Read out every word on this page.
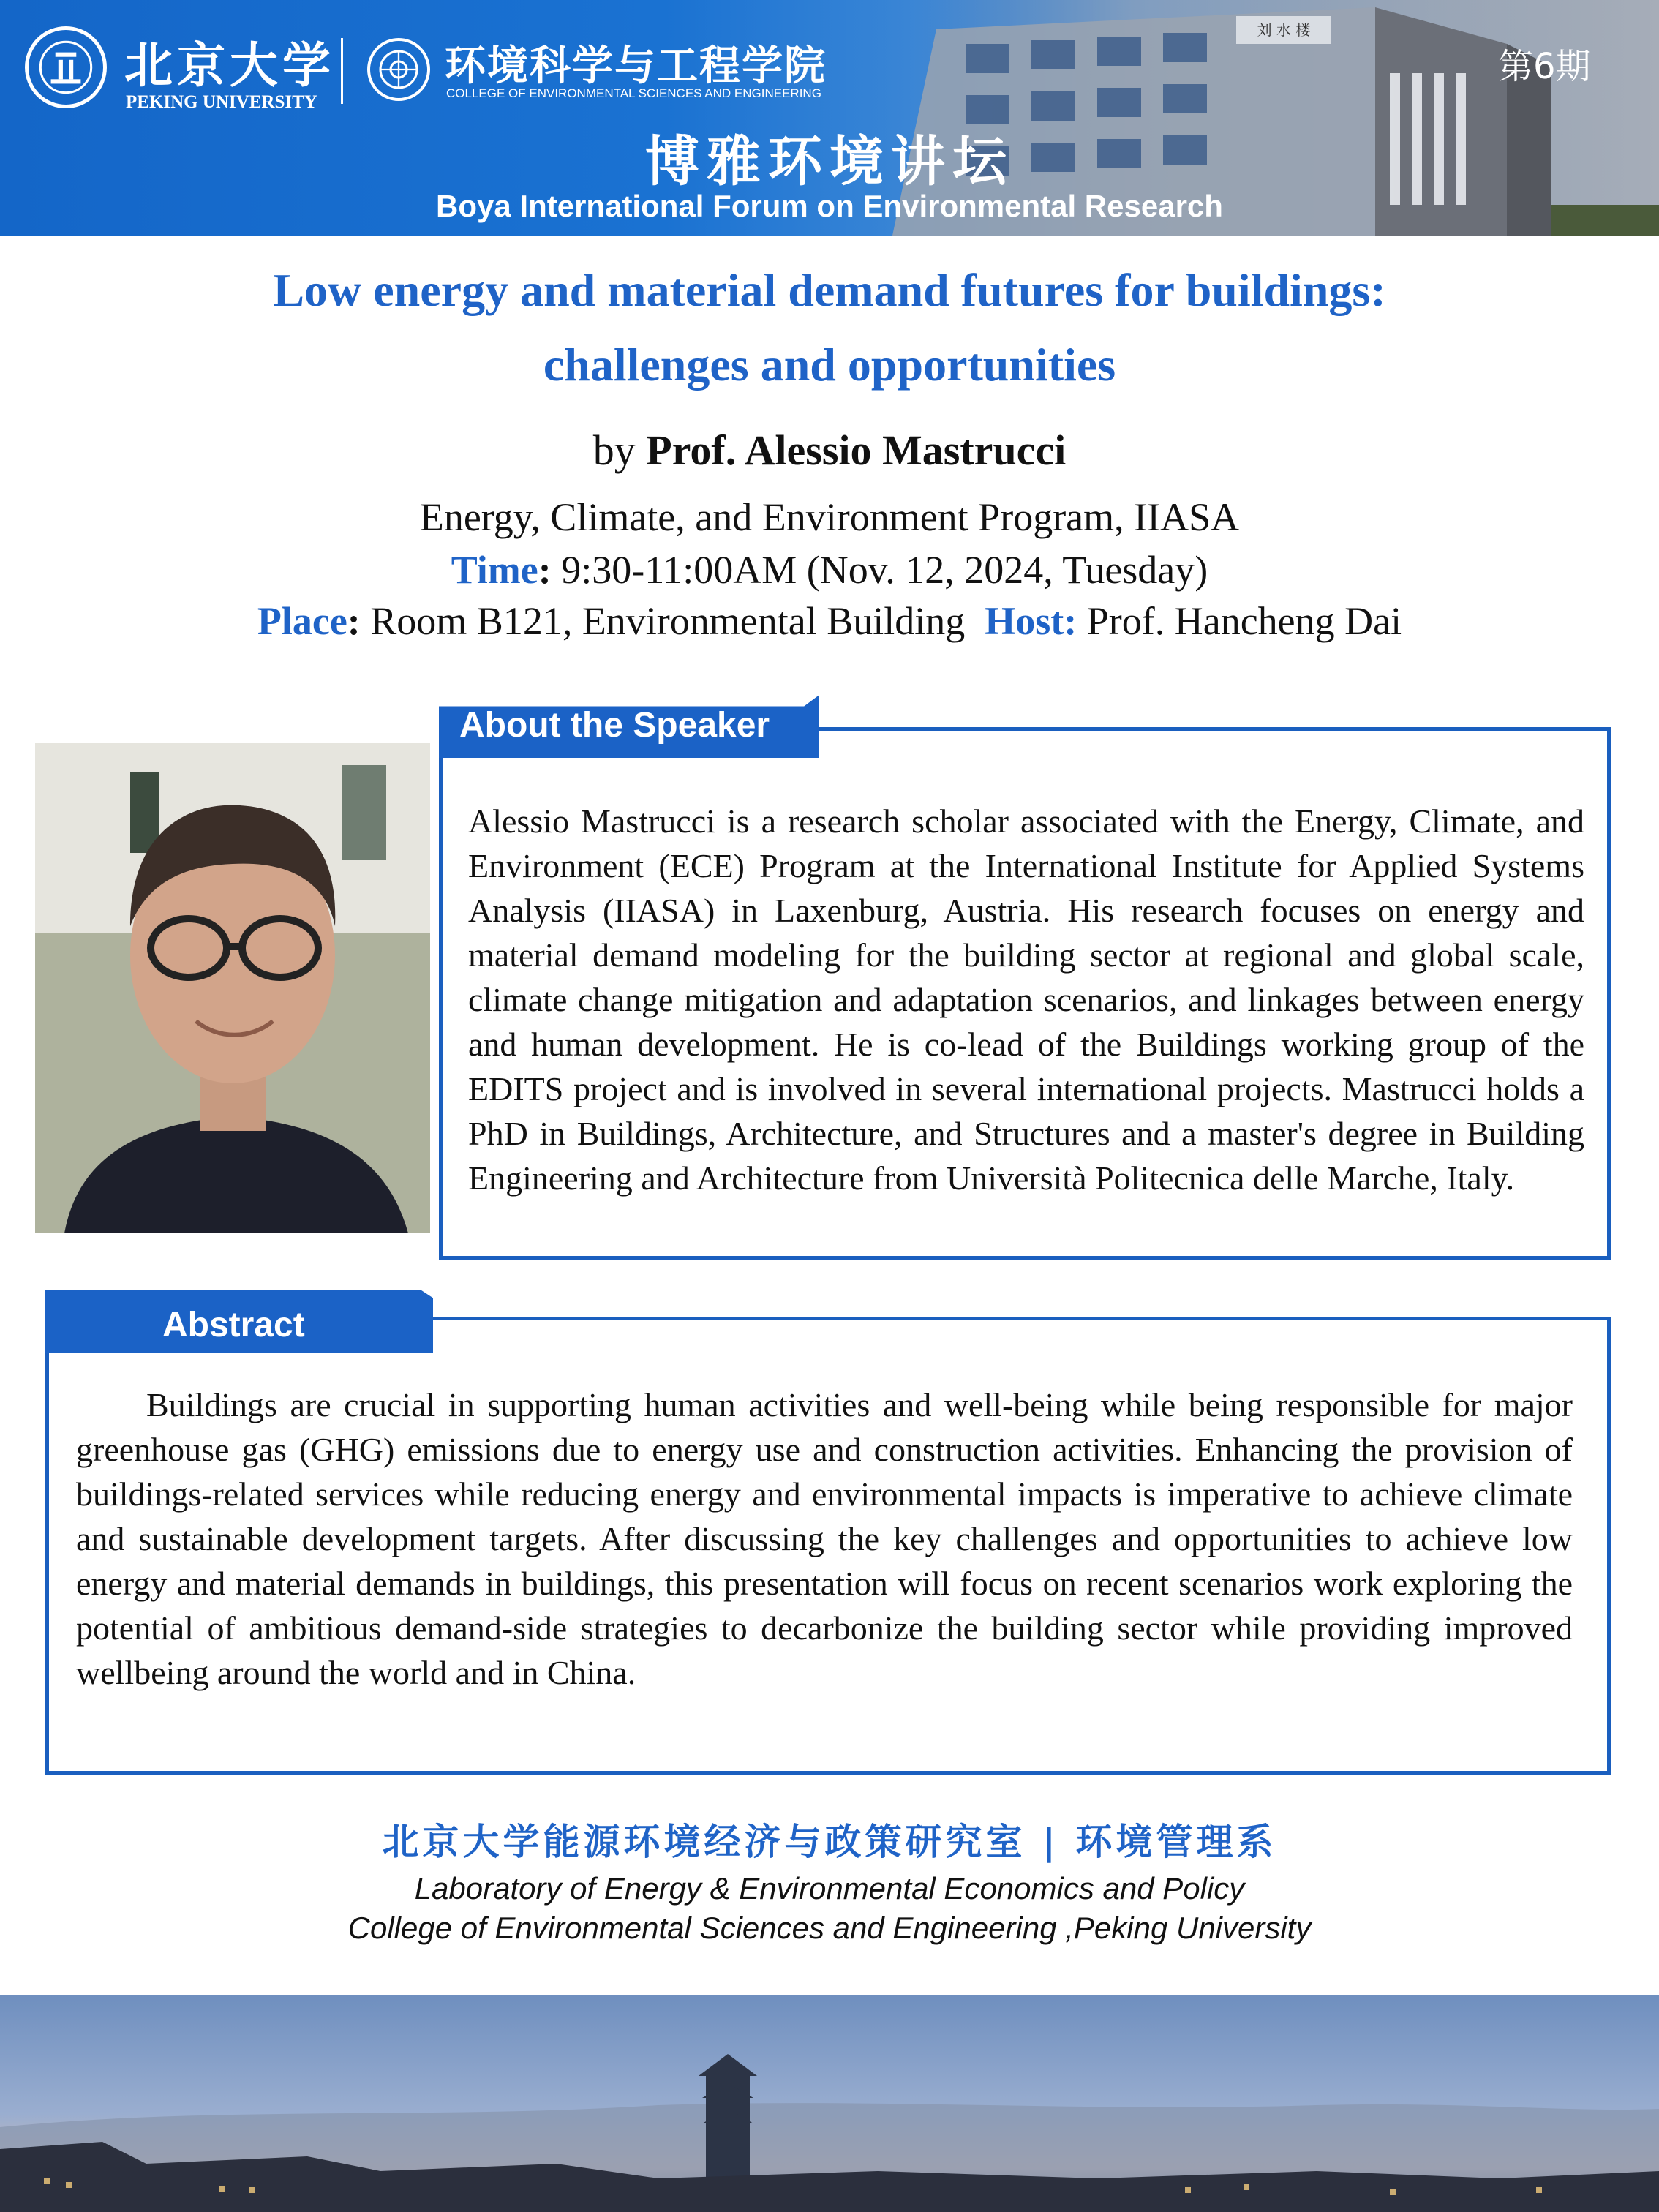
刘 水 楼
北京大学
PEKING UNIVERSITY
环境科学与工程学院
COLLEGE OF ENVIRONMENTAL SCIENCES AND ENGINEERING
第6期
博雅环境讲坛
Boya International Forum on Environmental Research
Low energy and material demand futures for buildings:
challenges and opportunities
by Prof. Alessio Mastrucci
Energy, Climate, and Environment Program, IIASA
Time: 9:30-11:00AM (Nov. 12, 2024, Tuesday)
Place: Room B121, Environmental Building Host: Prof. Hancheng Dai
About the Speaker
Alessio Mastrucci is a research scholar associated with the Energy, Climate, and Environment (ECE) Program at the International Institute for Applied Systems Analysis (IIASA) in Laxenburg, Austria. His research focuses on energy and material demand modeling for the building sector at regional and global scale, climate change mitigation and adaptation scenarios, and linkages between energy and human development. He is co-lead of the Buildings working group of the EDITS project and is involved in several international projects. Mastrucci holds a PhD in Buildings, Architecture, and Structures and a master's degree in Building Engineering and Architecture from Università Politecnica delle Marche, Italy.
Abstract
Buildings are crucial in supporting human activities and well-being while being responsible for major greenhouse gas (GHG) emissions due to energy use and construction activities. Enhancing the provision of buildings-related services while reducing energy and environmental impacts is imperative to achieve climate and sustainable development targets. After discussing the key challenges and opportunities to achieve low energy and material demands in buildings, this presentation will focus on recent scenarios work exploring the potential of ambitious demand-side strategies to decarbonize the building sector while providing improved wellbeing around the world and in China.
北京大学能源环境经济与政策研究室 | 环境管理系
Laboratory of Energy & Environmental Economics and Policy
College of Environmental Sciences and Engineering ,Peking University
